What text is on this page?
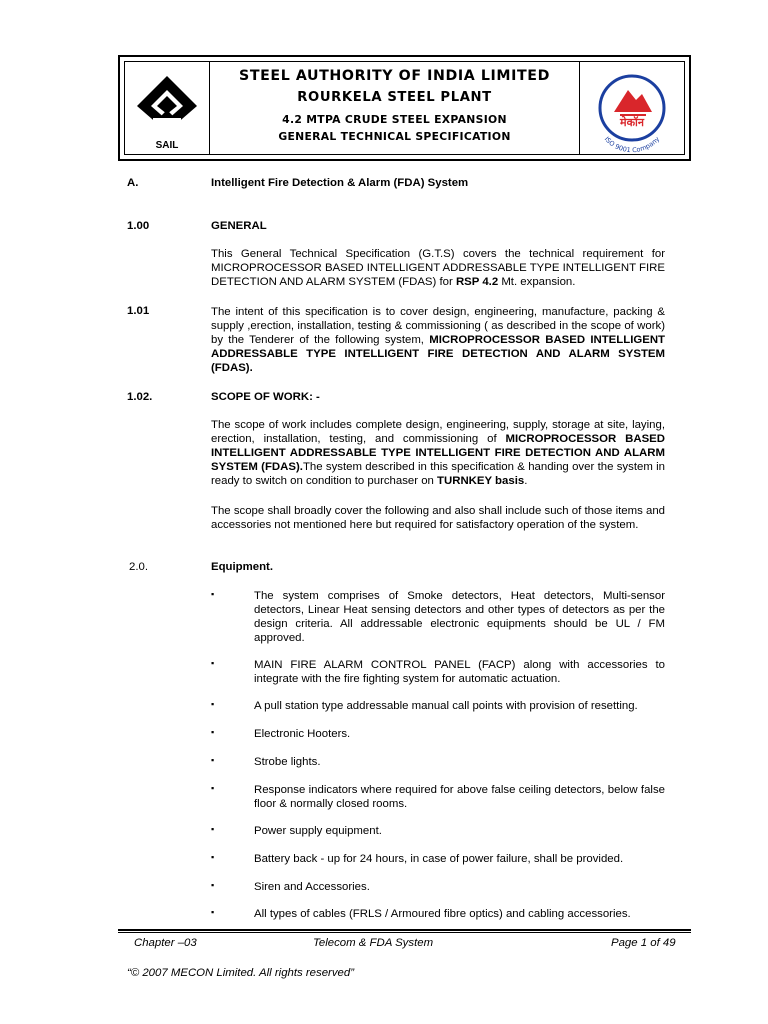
SAIL
STEEL AUTHORITY OF INDIA LIMITED
ROURKELA STEEL PLANT
4.2 MTPA CRUDE STEEL EXPANSION
GENERAL TECHNICAL SPECIFICATION
मेकॉन
ISO 9001 Company
A.	Intelligent Fire Detection & Alarm (FDA) System
1.00	GENERAL

This General Technical Specification (G.T.S) covers the technical requirement for MICROPROCESSOR BASED INTELLIGENT ADDRESSABLE TYPE INTELLIGENT FIRE DETECTION AND ALARM SYSTEM (FDAS) for RSP 4.2 Mt. expansion.

1.01	The intent of this specification is to cover design, engineering, manufacture, packing & supply ,erection, installation, testing & commissioning ( as described in the scope of work) by the Tenderer of the following system, MICROPROCESSOR BASED INTELLIGENT ADDRESSABLE TYPE INTELLIGENT FIRE DETECTION AND ALARM SYSTEM (FDAS).

1.02.	SCOPE OF WORK: -

The scope of work includes complete design, engineering, supply, storage at site, laying, erection, installation, testing, and commissioning of MICROPROCESSOR BASED INTELLIGENT ADDRESSABLE TYPE INTELLIGENT FIRE DETECTION AND ALARM SYSTEM (FDAS).The system described in this specification & handing over the system in ready to switch on condition to purchaser on TURNKEY basis.

The scope shall broadly cover the following and also shall include such of those items and accessories not mentioned here but required for satisfactory operation of the system.

2.0.	Equipment.
▪	The system comprises of Smoke detectors, Heat detectors, Multi-sensor detectors, Linear Heat sensing detectors and other types of detectors as per the design criteria. All addressable electronic equipments should be UL / FM approved.

▪	MAIN FIRE ALARM CONTROL PANEL (FACP) along with accessories to integrate with the fire fighting system for automatic actuation.

▪	A pull station type addressable manual call points with provision of resetting.

▪	Electronic Hooters.

▪	Strobe lights.

▪	Response indicators where required for above false ceiling detectors, below false floor & normally closed rooms.

▪	Power supply equipment.

▪	Battery back - up for 24 hours, in case of power failure, shall be provided.

▪	Siren and Accessories.

▪	All types of cables (FRLS / Armoured fibre optics) and cabling accessories.

Chapter –03	Telecom & FDA System	Page 1 of 49
“© 2007 MECON Limited. All rights reserved”
